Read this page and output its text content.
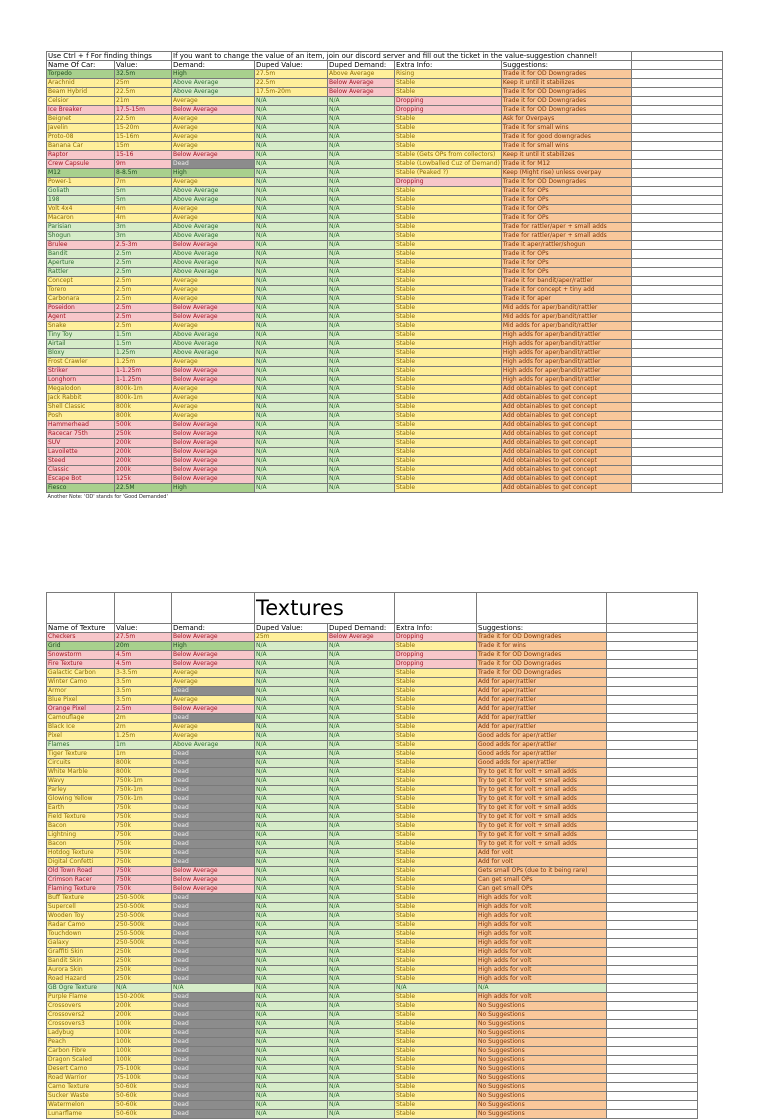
Use Ctrl + f For finding things		If you want to change the value of an item, join our discord server and fill out the ticket in the value-suggestion channel!					
Name Of Car:	Value:	Demand:	Duped Value:	Duped Demand:	Extra Info:	Suggestions:	
Torpedo	32.5m	High	27.5m	Above Average	Rising	Trade it for OD Downgrades	
Arachnid	25m	Above Average	22.5m	Below Average	Stable	Keep it until it stabilizes	
Beam Hybrid	22.5m	Above Average	17.5m-20m	Below Average	Stable	Trade it for OD Downgrades	
Celsior	21m	Average	N/A	N/A	Dropping	Trade it for OD Downgrades	
Ice Breaker	17.5-15m	Below Average	N/A	N/A	Dropping	Trade it for OD Downgrades	
Beignet	22.5m	Average	N/A	N/A	Stable	Ask for Overpays	
Javelin	15-20m	Average	N/A	N/A	Stable	Trade it for small wins	
Proto-08	15-16m	Average	N/A	N/A	Stable	Trade it for good downgrades	
Banana Car	15m	Average	N/A	N/A	Stable	Trade it for small wins	
Raptor	15-16	Below Average	N/A	N/A	Stable (Gets OPs from collectors)	Keep it until it stabilizes	
Crew Capsule	9m	Dead	N/A	N/A	Stable (Lowballed Cuz of Demand)	Trade it for M12	
M12	8-8.5m	High	N/A	N/A	Stable (Peaked ?)	Keep (Might rise) unless overpay	
Power-1	7m	Average	N/A	N/A	Dropping	Trade it for OD Downgrades	
Goliath	5m	Above Average	N/A	N/A	Stable	Trade it for OPs	
198	5m	Above Average	N/A	N/A	Stable	Trade it for OPs	
Volt 4x4	4m	Average	N/A	N/A	Stable	Trade it for OPs	
Macaron	4m	Average	N/A	N/A	Stable	Trade it for OPs	
Parisian	3m	Above Average	N/A	N/A	Stable	Trade for rattler/aper + small adds	
Shogun	3m	Above Average	N/A	N/A	Stable	Trade for rattler/aper + small adds	
Brulee	2.5-3m	Below Average	N/A	N/A	Stable	Trade it aper/rattler/shogun	
Bandit	2.5m	Above Average	N/A	N/A	Stable	Trade it for OPs	
Aperture	2.5m	Above Average	N/A	N/A	Stable	Trade it for OPs	
Rattler	2.5m	Above Average	N/A	N/A	Stable	Trade it for OPs	
Concept	2.5m	Average	N/A	N/A	Stable	Trade it for bandit/aper/rattler	
Torero	2.5m	Average	N/A	N/A	Stable	Trade it for concept + tiny add	
Carbonara	2.5m	Average	N/A	N/A	Stable	Trade it for aper	
Poseidon	2.5m	Below Average	N/A	N/A	Stable	Mid adds for aper/bandit/rattler	
Agent	2.5m	Below Average	N/A	N/A	Stable	Mid adds for aper/bandit/rattler	
Snake	2.5m	Average	N/A	N/A	Stable	Mid adds for aper/bandit/rattler	
Tiny Toy	1.5m	Above Average	N/A	N/A	Stable	High adds for aper/bandit/rattler	
Airtail	1.5m	Above Average	N/A	N/A	Stable	High adds for aper/bandit/rattler	
Bloxy	1.25m	Above Average	N/A	N/A	Stable	High adds for aper/bandit/rattler	
Frost Crawler	1.25m	Average	N/A	N/A	Stable	High adds for aper/bandit/rattler	
Striker	1-1.25m	Below Average	N/A	N/A	Stable	High adds for aper/bandit/rattler	
Longhorn	1-1.25m	Below Average	N/A	N/A	Stable	High adds for aper/bandit/rattler	
Megalodon	800k-1m	Average	N/A	N/A	Stable	Add obtainables to get concept	
Jack Rabbit	800k-1m	Average	N/A	N/A	Stable	Add obtainables to get concept	
Shell Classic	800k	Average	N/A	N/A	Stable	Add obtainables to get concept	
Posh	800k	Average	N/A	N/A	Stable	Add obtainables to get concept	
Hammerhead	500k	Below Average	N/A	N/A	Stable	Add obtainables to get concept	
Racecar 75th	250k	Below Average	N/A	N/A	Stable	Add obtainables to get concept	
SUV	200k	Below Average	N/A	N/A	Stable	Add obtainables to get concept	
Lavoilette	200k	Below Average	N/A	N/A	Stable	Add obtainables to get concept	
Steed	200k	Below Average	N/A	N/A	Stable	Add obtainables to get concept	
Classic	200k	Below Average	N/A	N/A	Stable	Add obtainables to get concept	
Escape Bot	125k	Below Average	N/A	N/A	Stable	Add obtainables to get concept	
Fiesco	22.5M	High	N/A	N/A	Stable	Add obtainables to get concept	
Another Note: 'OD' stands for 'Good Demanded'							
			Textures				
Name of Texture	Value:	Demand:	Duped Value:	Duped Demand:	Extra Info:	Suggestions:	
Checkers	27.5m	Below Average	25m	Below Average	Dropping	Trade it for OD Downgrades	
Grid	20m	High	N/A	N/A	Stable	Trade it for wins	
Snowstorm	4.5m	Below Average	N/A	N/A	Dropping	Trade it for OD Downgrades	
Fire Texture	4.5m	Below Average	N/A	N/A	Dropping	Trade it for OD Downgrades	
Galactic Carbon	3-3.5m	Average	N/A	N/A	Stable	Trade it for OD Downgrades	
Winter Camo	3.5m	Average	N/A	N/A	Stable	Add for aper/rattler	
Armor	3.5m	Dead	N/A	N/A	Stable	Add for aper/rattler	
Blue Pixel	3.5m	Average	N/A	N/A	Stable	Add for aper/rattler	
Orange Pixel	2.5m	Below Average	N/A	N/A	Stable	Add for aper/rattler	
Camouflage	2m	Dead	N/A	N/A	Stable	Add for aper/rattler	
Black Ice	2m	Average	N/A	N/A	Stable	Add for aper/rattler	
Pixel	1.25m	Average	N/A	N/A	Stable	Good adds for aper/rattler	
Flames	1m	Above Average	N/A	N/A	Stable	Good adds for aper/rattler	
Tiger Texture	1m	Dead	N/A	N/A	Stable	Good adds for aper/rattler	
Circuits	800k	Dead	N/A	N/A	Stable	Good adds for aper/rattler	
White Marble	800k	Dead	N/A	N/A	Stable	Try to get it for volt + small adds	
Wavy	750k-1m	Dead	N/A	N/A	Stable	Try to get it for volt + small adds	
Parley	750k-1m	Dead	N/A	N/A	Stable	Try to get it for volt + small adds	
Glowing Yellow	750k-1m	Dead	N/A	N/A	Stable	Try to get it for volt + small adds	
Earth	750k	Dead	N/A	N/A	Stable	Try to get it for volt + small adds	
Field Texture	750k	Dead	N/A	N/A	Stable	Try to get it for volt + small adds	
Bacon	750k	Dead	N/A	N/A	Stable	Try to get it for volt + small adds	
Lightning	750k	Dead	N/A	N/A	Stable	Try to get it for volt + small adds	
Bacon	750k	Dead	N/A	N/A	Stable	Try to get it for volt + small adds	
Hotdog Texture	750k	Dead	N/A	N/A	Stable	Add for volt	
Digital Confetti	750k	Dead	N/A	N/A	Stable	Add for volt	
Old Town Road	750k	Below Average	N/A	N/A	Stable	Gets small OPs (due to it being rare)	
Crimson Racer	750k	Below Average	N/A	N/A	Stable	Can get small OPs	
Flaming Texture	750k	Below Average	N/A	N/A	Stable	Can get small OPs	
Buff Texture	250-500k	Dead	N/A	N/A	Stable	High adds for volt	
Supercell	250-500k	Dead	N/A	N/A	Stable	High adds for volt	
Wooden Toy	250-500k	Dead	N/A	N/A	Stable	High adds for volt	
Radar Camo	250-500k	Dead	N/A	N/A	Stable	High adds for volt	
Touchdown	250-500k	Dead	N/A	N/A	Stable	High adds for volt	
Galaxy	250-500k	Dead	N/A	N/A	Stable	High adds for volt	
Graffiti Skin	250k	Dead	N/A	N/A	Stable	High adds for volt	
Bandit Skin	250k	Dead	N/A	N/A	Stable	High adds for volt	
Aurora Skin	250k	Dead	N/A	N/A	Stable	High adds for volt	
Road Hazard	250k	Dead	N/A	N/A	Stable	High adds for volt	
GB Ogre Texture	N/A	N/A	N/A	N/A	N/A	N/A	
Purple Flame	150-200k	Dead	N/A	N/A	Stable	High adds for volt	
Crossovers	200k	Dead	N/A	N/A	Stable	No Suggestions	
Crossovers2	200k	Dead	N/A	N/A	Stable	No Suggestions	
Crossovers3	100k	Dead	N/A	N/A	Stable	No Suggestions	
Ladybug	100k	Dead	N/A	N/A	Stable	No Suggestions	
Peach	100k	Dead	N/A	N/A	Stable	No Suggestions	
Carbon Fibre	100k	Dead	N/A	N/A	Stable	No Suggestions	
Dragon Scaled	100k	Dead	N/A	N/A	Stable	No Suggestions	
Desert Camo	75-100k	Dead	N/A	N/A	Stable	No Suggestions	
Road Warrior	75-100k	Dead	N/A	N/A	Stable	No Suggestions	
Camo Texture	50-60k	Dead	N/A	N/A	Stable	No Suggestions	
Sucker Waste	50-60k	Dead	N/A	N/A	Stable	No Suggestions	
Watermelon	50-60k	Dead	N/A	N/A	Stable	No Suggestions	
Lunarflame	50-60k	Dead	N/A	N/A	Stable	No Suggestions	
